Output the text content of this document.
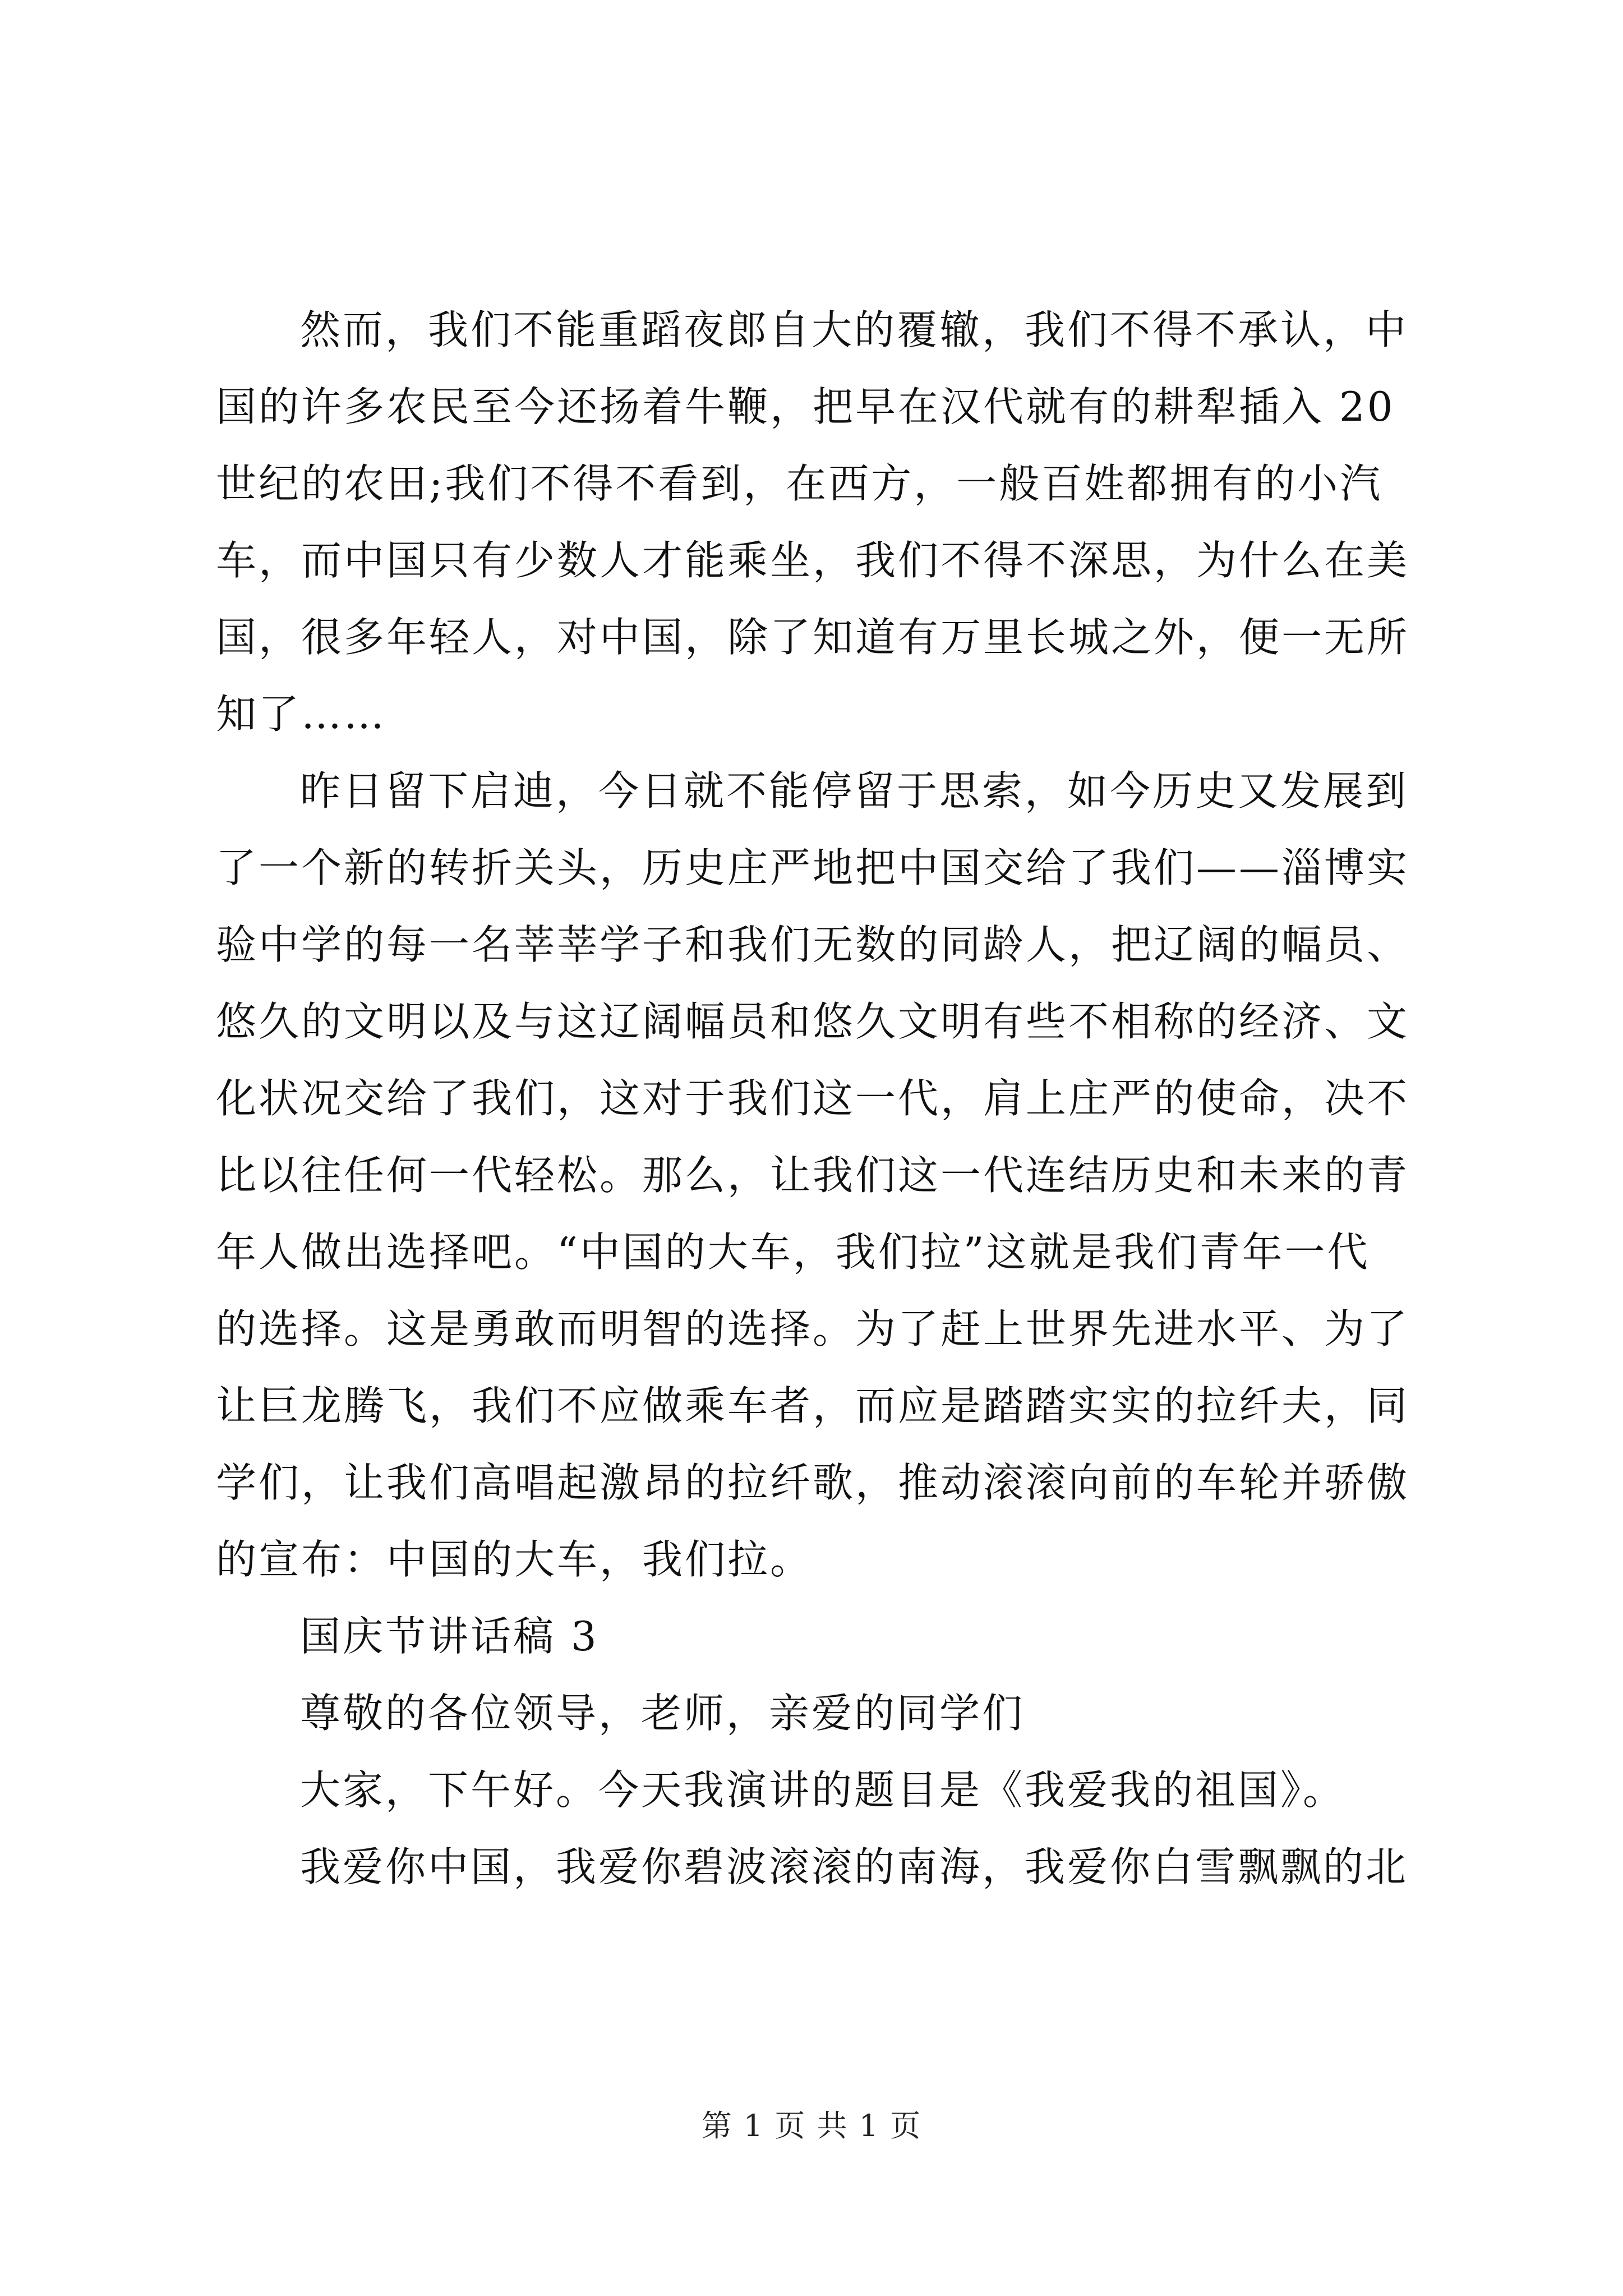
然而，我们不能重蹈夜郎自大的覆辙，我们不得不承认，中
国的许多农民至今还扬着牛鞭，把早在汉代就有的耕犁插入 20
世纪的农田;我们不得不看到，在西方，一般百姓都拥有的小汽
车，而中国只有少数人才能乘坐，我们不得不深思，为什么在美
国，很多年轻人，对中国，除了知道有万里长城之外，便一无所
知了……
昨日留下启迪，今日就不能停留于思索，如今历史又发展到
了一个新的转折关头，历史庄严地把中国交给了我们——淄博实
验中学的每一名莘莘学子和我们无数的同龄人，把辽阔的幅员、
悠久的文明以及与这辽阔幅员和悠久文明有些不相称的经济、文
化状况交给了我们，这对于我们这一代，肩上庄严的使命，决不
比以往任何一代轻松。那么，让我们这一代连结历史和未来的青
年人做出选择吧。“中国的大车，我们拉”这就是我们青年一代
的选择。这是勇敢而明智的选择。为了赶上世界先进水平、为了
让巨龙腾飞，我们不应做乘车者，而应是踏踏实实的拉纤夫，同
学们，让我们高唱起激昂的拉纤歌，推动滚滚向前的车轮并骄傲
的宣布：中国的大车，我们拉。
国庆节讲话稿 3
尊敬的各位领导，老师，亲爱的同学们
大家，下午好。今天我演讲的题目是《我爱我的祖国》。
我爱你中国，我爱你碧波滚滚的南海，我爱你白雪飘飘的北
第 1 页 共 1 页
